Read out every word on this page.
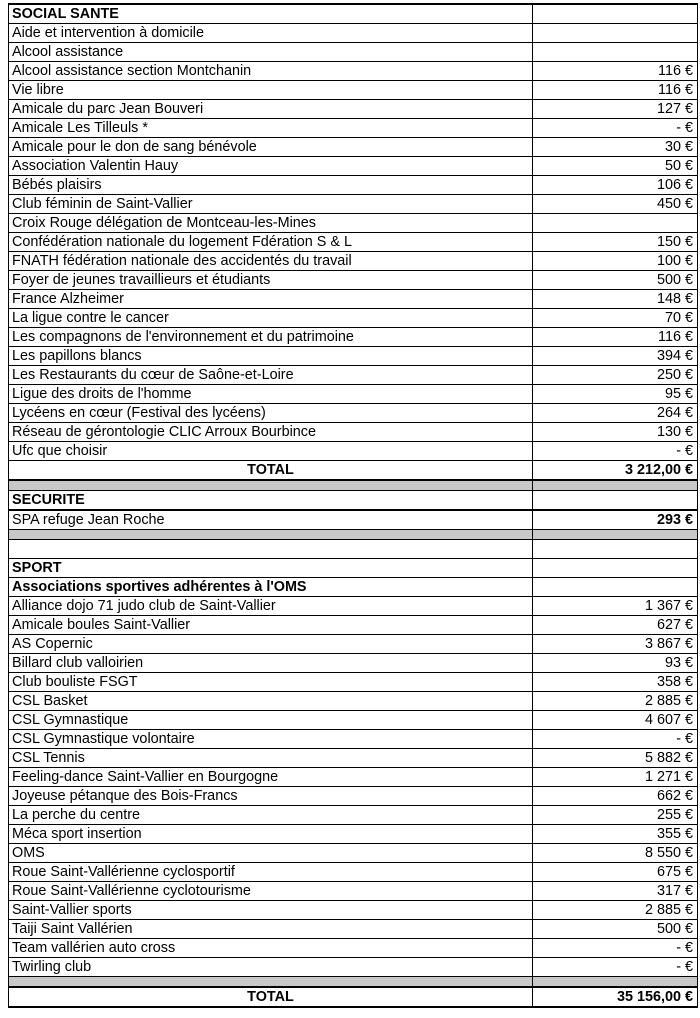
SOCIAL SANTE	
Aide et intervention à domicile	
Alcool assistance	
Alcool assistance section Montchanin	116 €
Vie libre	116 €
Amicale du parc Jean Bouveri	127 €
Amicale Les Tilleuls *	- €
Amicale pour le don de sang bénévole	30 €
Association Valentin Hauy	50 €
Bébés plaisirs	106 €
Club féminin de Saint-Vallier	450 €
Croix Rouge délégation de Montceau-les-Mines	
Confédération nationale du logement Fdération S & L	150 €
FNATH fédération nationale des accidentés du travail	100 €
Foyer de jeunes travaillieurs et étudiants	500 €
France Alzheimer	148 €
La ligue contre le cancer	70 €
Les compagnons de l'environnement et du patrimoine	116 €
Les papillons blancs	394 €
Les Restaurants du cœur de Saône-et-Loire	250 €
Ligue des droits de l'homme	95 €
Lycéens en cœur (Festival des lycéens)	264 €
Réseau de gérontologie CLIC Arroux Bourbince	130 €
Ufc que choisir	- €
TOTAL	3 212,00 €

SECURITE	
SPA refuge Jean Roche	293 €

SPORT	
Associations sportives adhérentes à l'OMS	
Alliance dojo 71 judo club de Saint-Vallier	1 367 €
Amicale boules Saint-Vallier	627 €
AS Copernic	3 867 €
Billard club valloirien	93 €
Club bouliste FSGT	358 €
CSL Basket	2 885 €
CSL Gymnastique	4 607 €
CSL Gymnastique volontaire	- €
CSL Tennis	5 882 €
Feeling-dance Saint-Vallier en Bourgogne	1 271 €
Joyeuse pétanque des Bois-Francs	662 €
La perche du centre	255 €
Méca sport insertion	355 €
OMS	8 550 €
Roue Saint-Vallérienne cyclosportif	675 €
Roue Saint-Vallérienne cyclotourisme	317 €
Saint-Vallier sports	2 885 €
Taiji Saint Vallérien	500 €
Team vallérien auto cross	- €
Twirling club	- €

TOTAL	35 156,00 €
